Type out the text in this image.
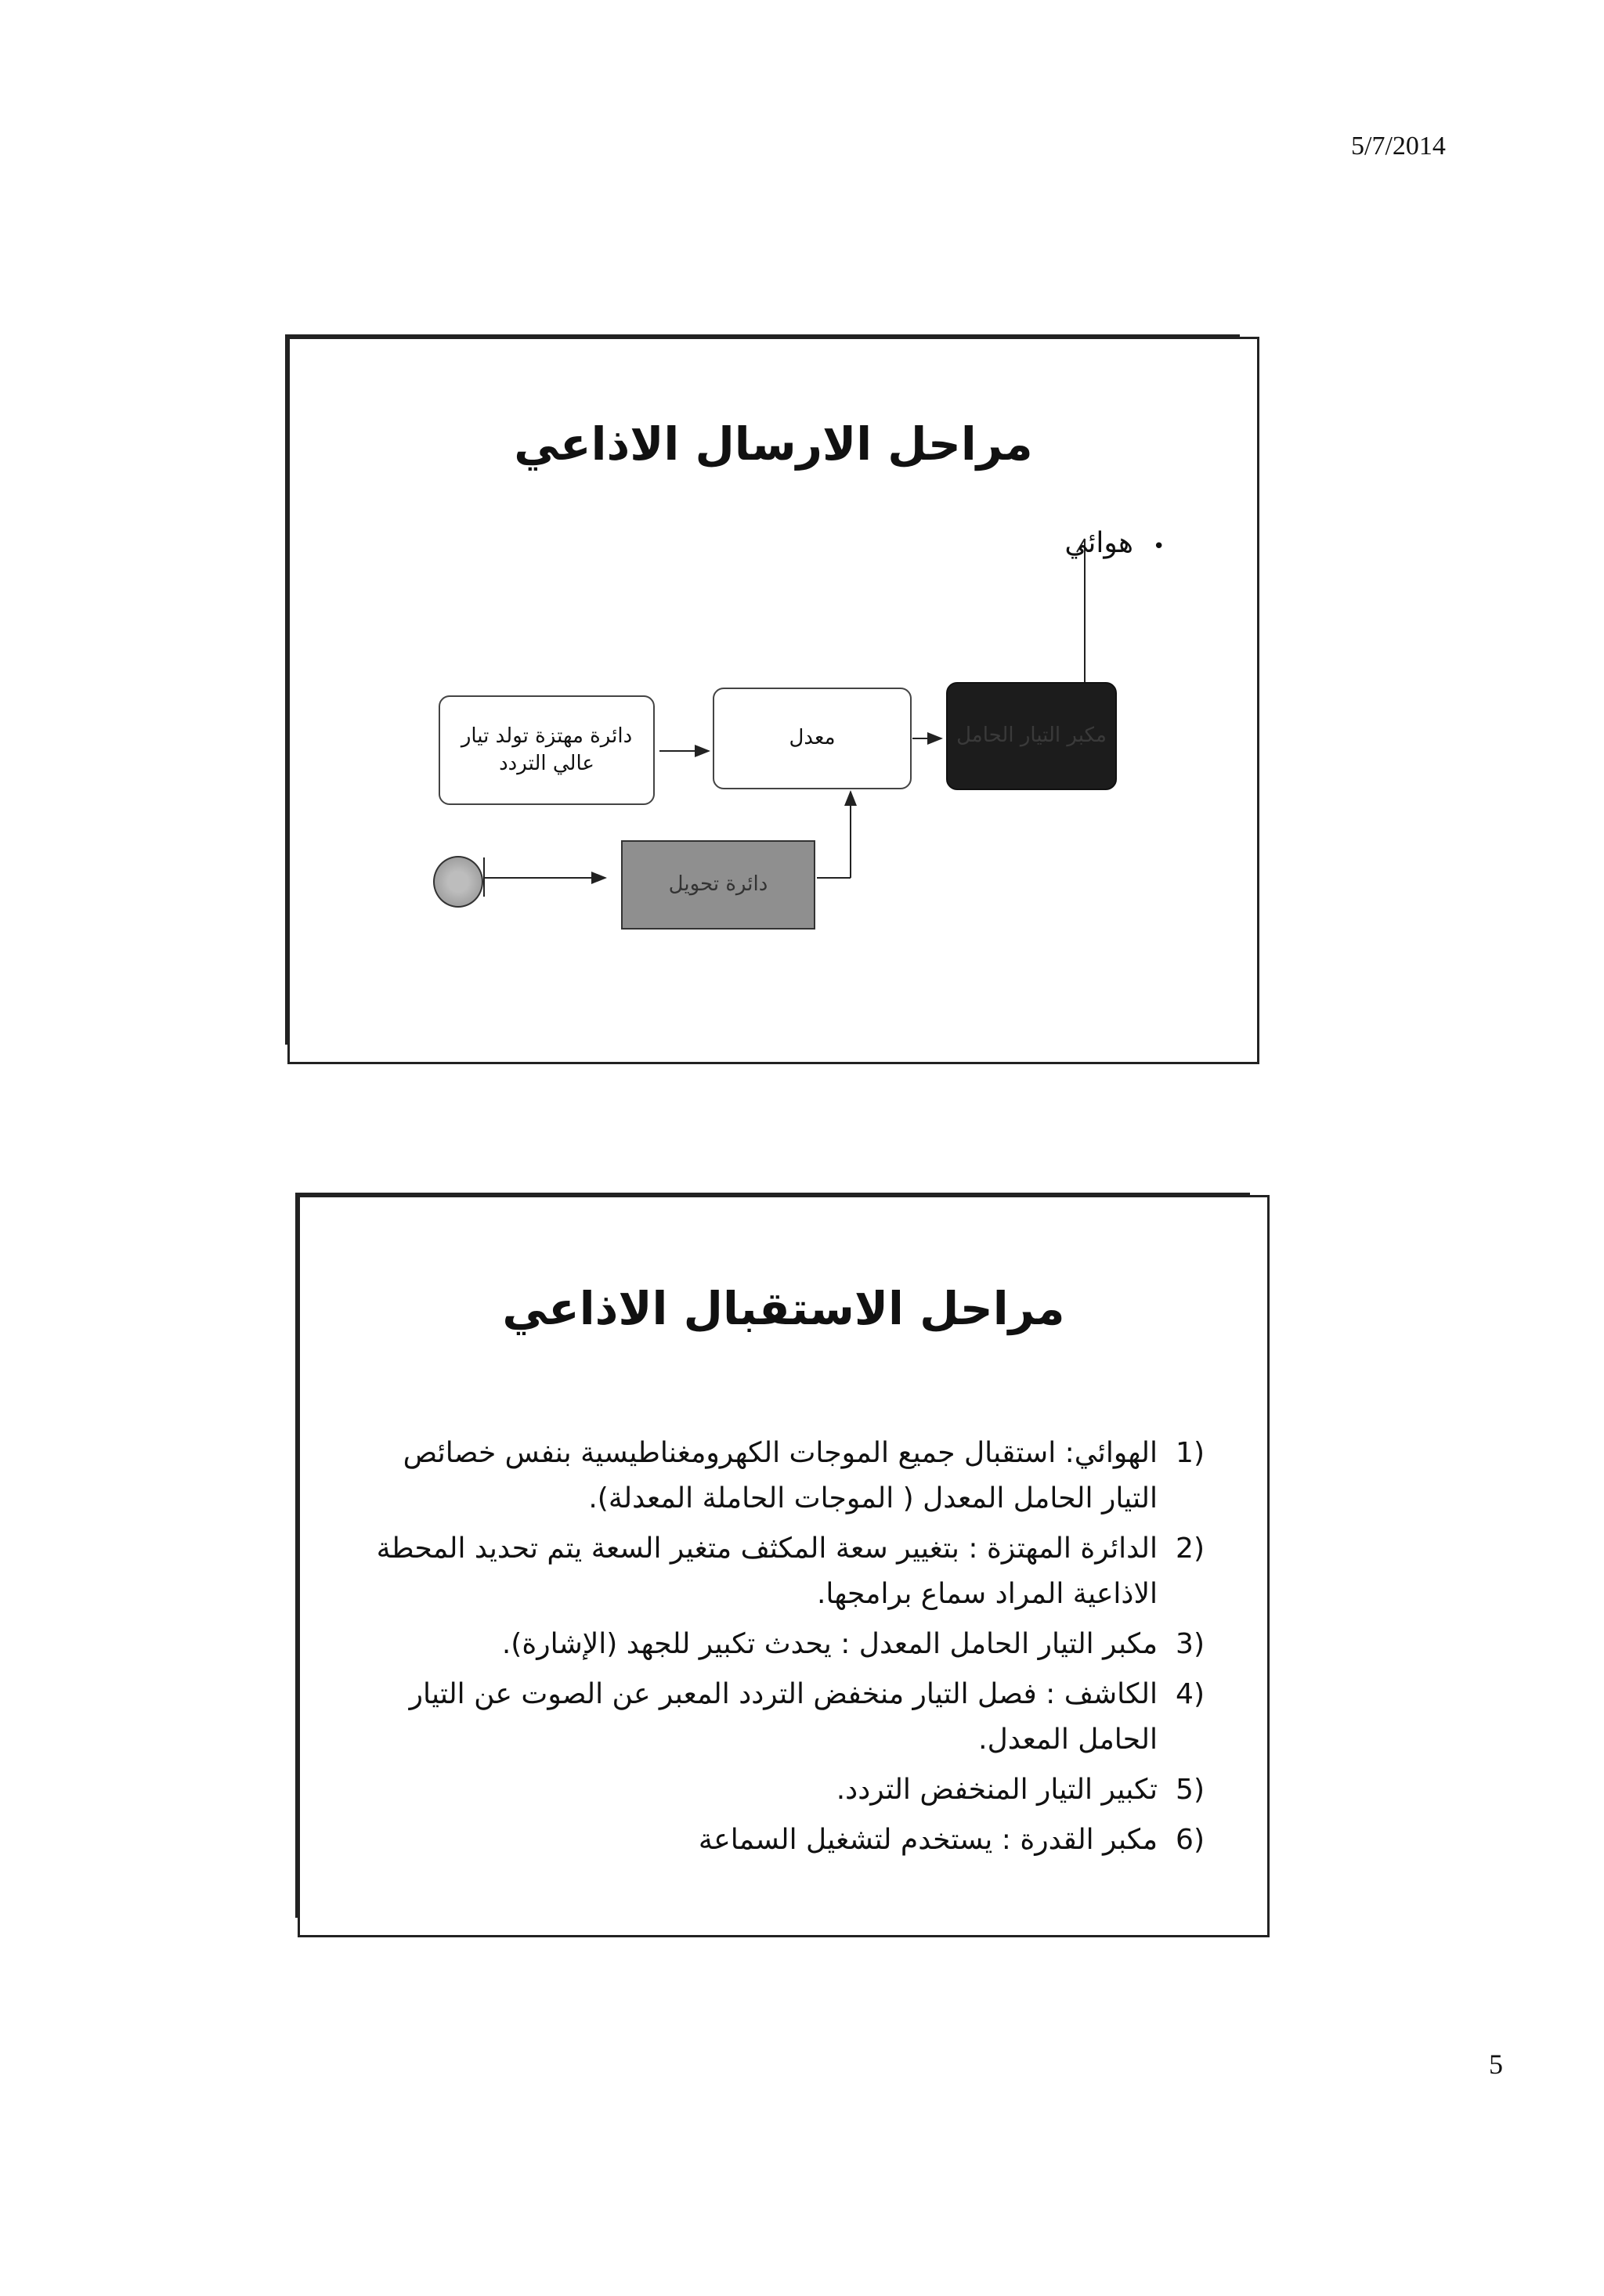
5/7/2014
مراحل الارسال الاذاعي
دائرة مهتزة تولد تيار عالي التردد
معدل	مكبر التيار الحامل
دائرة تحويل
•
هوائي
مراحل الاستقبال الاذاعي
(1
الهوائي: استقبال جميع الموجات الكهرومغناطيسية بنفس خصائص التيار الحامل المعدل ( الموجات الحاملة المعدلة).
(2
الدائرة المهتزة : بتغيير سعة المكثف متغير السعة يتم تحديد المحطة الاذاعية المراد سماع برامجها.
(3
مكبر التيار الحامل المعدل : يحدث تكبير للجهد (الإشارة).
(4
الكاشف : فصل التيار منخفض التردد المعبر عن الصوت عن التيار الحامل المعدل.
(5
تكبير التيار المنخفض التردد.
(6
مكبر القدرة : يستخدم لتشغيل السماعة
5
